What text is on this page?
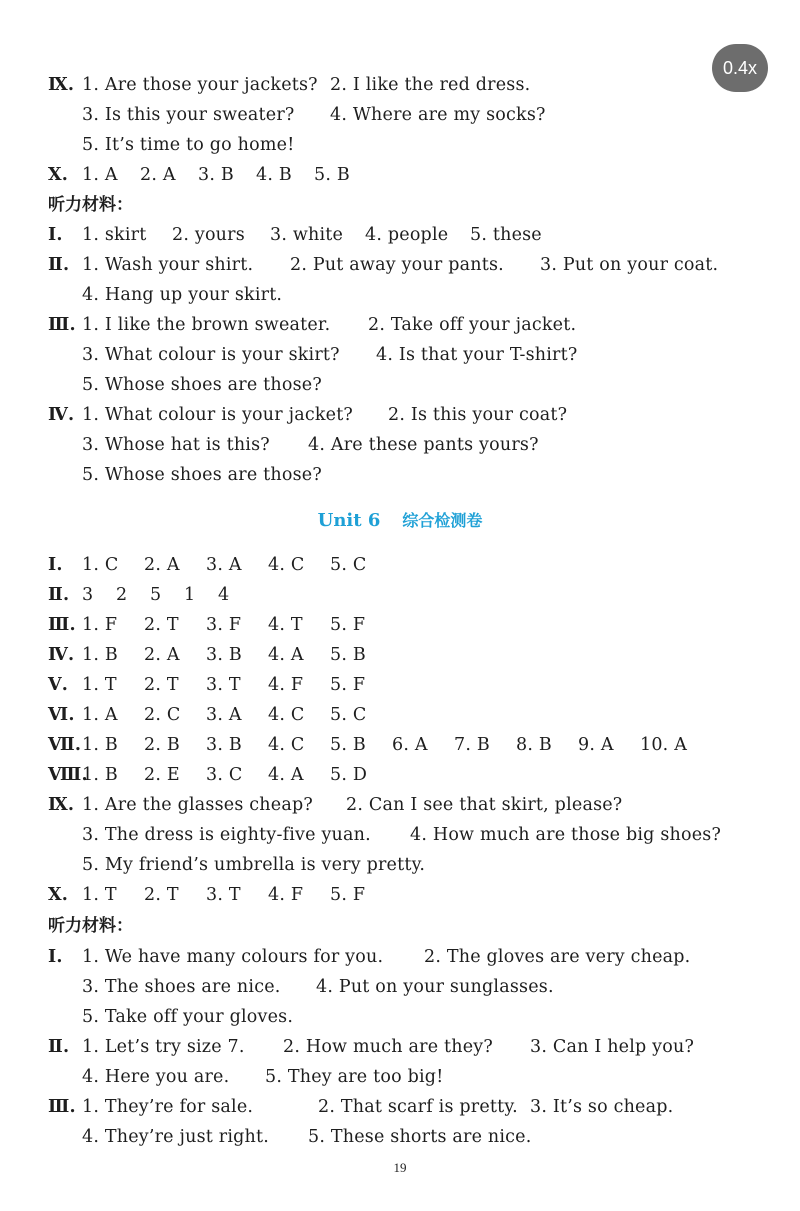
0.4x
Ⅸ. 1. Are those your jackets? 2. I like the red dress.
3. Is this your sweater? 4. Where are my socks?
5. It’s time to go home!
Ⅹ. 1. A 2. A 3. B 4. B 5. B
听力材料：
Ⅰ. 1. skirt 2. yours 3. white 4. people 5. these
Ⅱ. 1. Wash your shirt. 2. Put away your pants. 3. Put on your coat.
4. Hang up your skirt.
Ⅲ. 1. I like the brown sweater. 2. Take off your jacket.
3. What colour is your skirt? 4. Is that your T-shirt?
5. Whose shoes are those?
Ⅳ. 1. What colour is your jacket? 2. Is this your coat?
3. Whose hat is this? 4. Are these pants yours?
5. Whose shoes are those?
Unit 6 综合检测卷
Ⅰ. 1. C 2. A 3. A 4. C 5. C
Ⅱ. 3 2 5 1 4
Ⅲ. 1. F 2. T 3. F 4. T 5. F
Ⅳ. 1. B 2. A 3. B 4. A 5. B
Ⅴ. 1. T 2. T 3. T 4. F 5. F
Ⅵ. 1. A 2. C 3. A 4. C 5. C
Ⅶ. 1. B 2. B 3. B 4. C 5. B 6. A 7. B 8. B 9. A 10. A
Ⅷ.
1. B 2. E 3. C 4. A 5. D
Ⅸ. 1. Are the glasses cheap? 2. Can I see that skirt, please?
3. The dress is eighty-five yuan. 4. How much are those big shoes?
5. My friend’s umbrella is very pretty.
Ⅹ. 1. T 2. T 3. T 4. F 5. F
听力材料：
Ⅰ. 1. We have many colours for you. 2. The gloves are very cheap.
3. The shoes are nice. 4. Put on your sunglasses.
5. Take off your gloves.
Ⅱ. 1. Let’s try size 7. 2. How much are they? 3. Can I help you?
4. Here you are. 5. They are too big!
Ⅲ. 1. They’re for sale.	2. That scarf is pretty. 3. It’s so cheap.
4. They’re just right. 5. These shorts are nice.
19
